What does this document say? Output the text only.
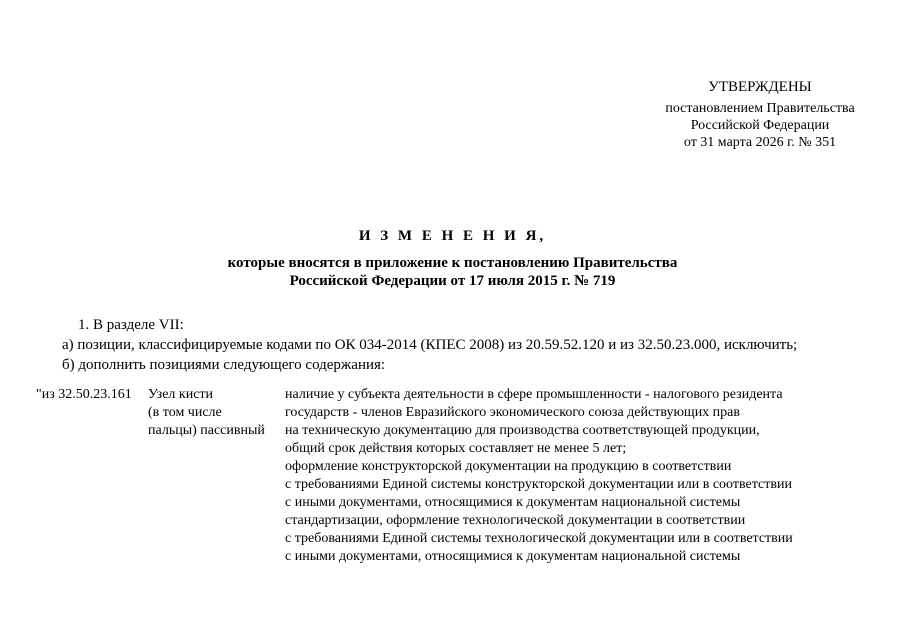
УТВЕРЖДЕНЫ
постановлением Правительства
Российской Федерации
от 31 марта 2026 г. № 351
И З М Е Н Е Н И Я,
которые вносятся в приложение к постановлению Правительства
Российской Федерации от 17 июля 2015 г. № 719
1. В разделе VII:
а) позиции, классифицируемые кодами по ОК 034-2014 (КПЕС 2008) из 20.59.52.120 и из 32.50.23.000, исключить;
б) дополнить позициями следующего содержания:
"из 32.50.23.161	Узел кисти
(в том числе
пальцы) пассивный
наличие у субъекта деятельности в сфере промышленности - налогового резидента
государств - членов Евразийского экономического союза действующих прав
на техническую документацию для производства соответствующей продукции,
общий срок действия которых составляет не менее 5 лет;
оформление конструкторской документации на продукцию в соответствии
с требованиями Единой системы конструкторской документации или в соответствии
с иными документами, относящимися к документам национальной системы
стандартизации, оформление технологической документации в соответствии
с требованиями Единой системы технологической документации или в соответствии
с иными документами, относящимися к документам национальной системы
